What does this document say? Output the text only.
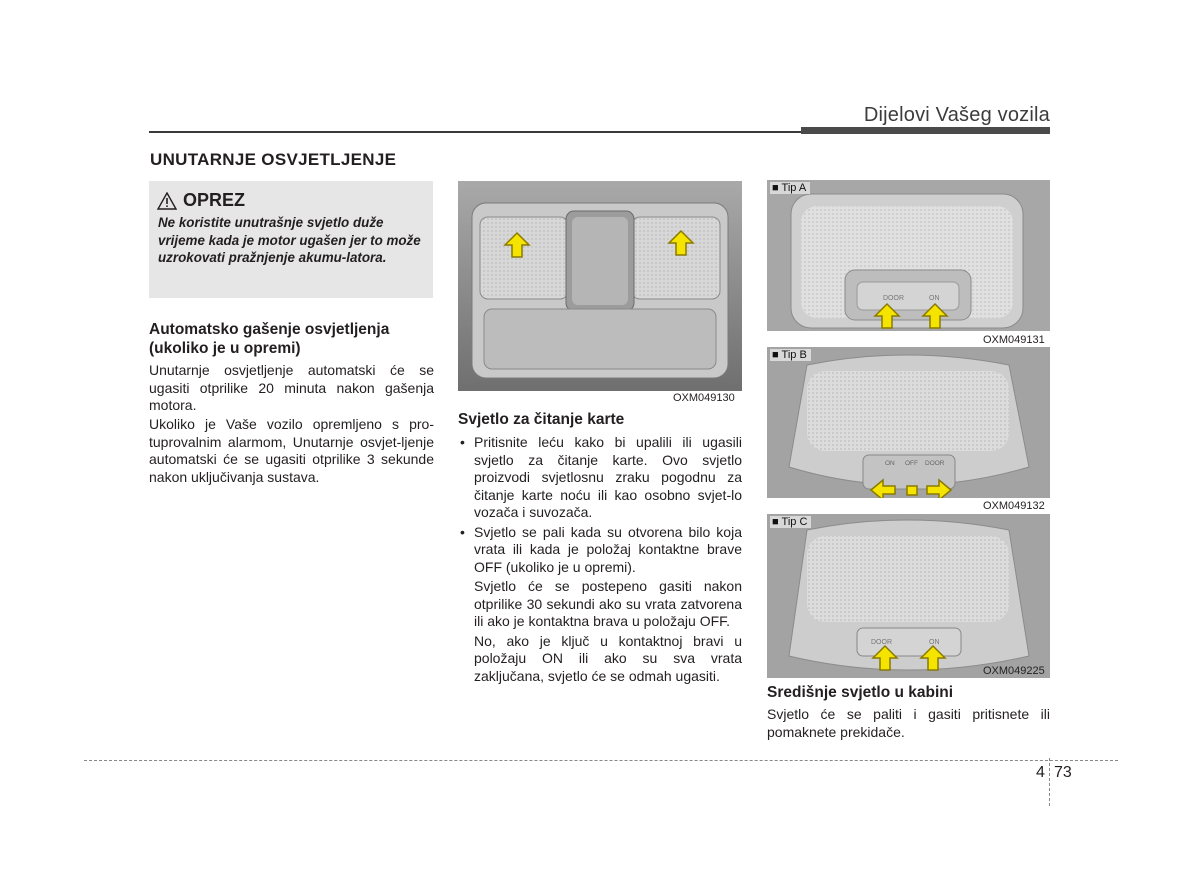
Dijelovi Vašeg vozila
UNUTARNJE OSVJETLJENJE
OPREZ
Ne koristite unutrašnje svjetlo duže vrijeme kada je motor ugašen jer to može uzrokovati pražnjenje akumu-latora.
Automatsko gašenje osvjetljenja (ukoliko je u opremi)
Unutarnje osvjetljenje automatski će se ugasiti otprilike 20 minuta nakon gašenja motora.
Ukoliko je Vaše vozilo opremljeno s pro-tuprovalnim alarmom, Unutarnje osvjet-ljenje automatski će se ugasiti otprilike 3 sekunde nakon uključivanja sustava.
OXM049130
Svjetlo za čitanje karte
• Pritisnite leću kako bi upalili ili ugasili svjetlo za čitanje karte. Ovo svjetlo proizvodi svjetlosnu zraku pogodnu za čitanje karte noću ili kao osobno svjet-lo vozača i suvozača.
• Svjetlo se pali kada su otvorena bilo koja vrata ili kada je položaj kontaktne brave OFF (ukoliko je u opremi).
Svjetlo će se postepeno gasiti nakon otprilike 30 sekundi ako su vrata zatvorena ili ako je kontaktna brava u položaju OFF.
No, ako je ključ u kontaktnoj bravi u položaju ON ili ako su sva vrata zaključana, svjetlo će se odmah ugasiti.
DOOR	ON
■ Tip A
OXM049131
ON OFF DOOR
■ Tip B
OXM049132
DOOR	ON
■ Tip C
OXM049225
Središnje svjetlo u kabini
Svjetlo će se paliti i gasiti pritisnete ili pomaknete prekidače.
4 73
